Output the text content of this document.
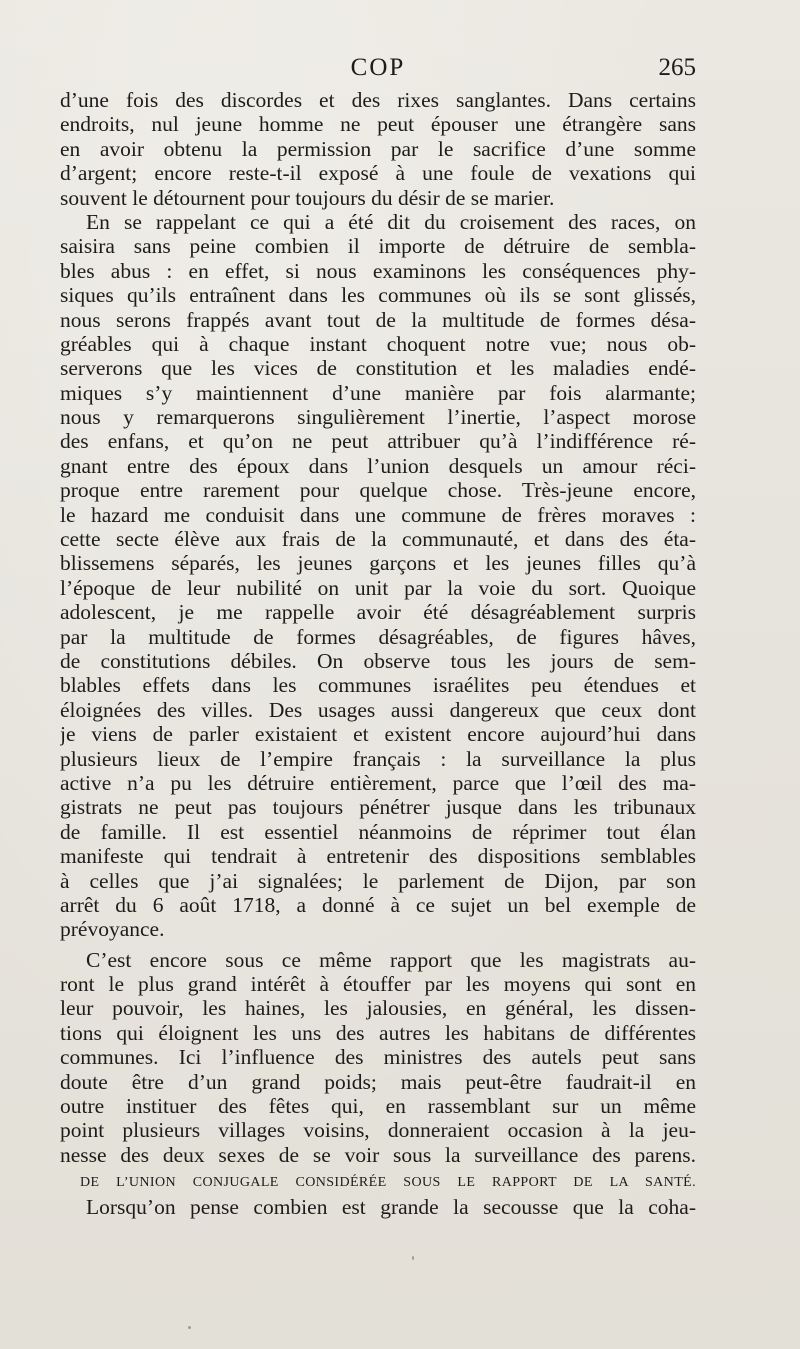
COP	265
d’une fois des discordes et des rixes sanglantes. Dans certains
endroits, nul jeune homme ne peut épouser une étrangère sans
en avoir obtenu la permission par le sacrifice d’une somme
d’argent; encore reste-t-il exposé à une foule de vexations qui
souvent le détournent pour toujours du désir de se marier.
En se rappelant ce qui a été dit du croisement des races, on
saisira sans peine combien il importe de détruire de sembla-
bles abus : en effet, si nous examinons les conséquences phy-
siques qu’ils entraînent dans les communes où ils se sont glissés,
nous serons frappés avant tout de la multitude de formes désa-
gréables qui à chaque instant choquent notre vue; nous ob-
serverons que les vices de constitution et les maladies endé-
miques s’y maintiennent d’une manière par fois alarmante;
nous y remarquerons singulièrement l’inertie, l’aspect morose
des enfans, et qu’on ne peut attribuer qu’à l’indifférence ré-
gnant entre des époux dans l’union desquels un amour réci-
proque entre rarement pour quelque chose. Très-jeune encore,
le hazard me conduisit dans une commune de frères moraves :
cette secte élève aux frais de la communauté, et dans des éta-
blissemens séparés, les jeunes garçons et les jeunes filles qu’à
l’époque de leur nubilité on unit par la voie du sort. Quoique
adolescent, je me rappelle avoir été désagréablement surpris
par la multitude de formes désagréables, de figures hâves,
de constitutions débiles. On observe tous les jours de sem-
blables effets dans les communes israélites peu étendues et
éloignées des villes. Des usages aussi dangereux que ceux dont
je viens de parler existaient et existent encore aujourd’hui dans
plusieurs lieux de l’empire français : la surveillance la plus
active n’a pu les détruire entièrement, parce que l’œil des ma-
gistrats ne peut pas toujours pénétrer jusque dans les tribunaux
de famille. Il est essentiel néanmoins de réprimer tout élan
manifeste qui tendrait à entretenir des dispositions semblables
à celles que j’ai signalées; le parlement de Dijon, par son
arrêt du 6 août 1718, a donné à ce sujet un bel exemple de
prévoyance.
C’est encore sous ce même rapport que les magistrats au-
ront le plus grand intérêt à étouffer par les moyens qui sont en
leur pouvoir, les haines, les jalousies, en général, les dissen-
tions qui éloignent les uns des autres les habitans de différentes
communes. Ici l’influence des ministres des autels peut sans
doute être d’un grand poids; mais peut-être faudrait-il en
outre instituer des fêtes qui, en rassemblant sur un même
point plusieurs villages voisins, donneraient occasion à la jeu-
nesse des deux sexes de se voir sous la surveillance des parens.
DE L’UNION CONJUGALE CONSIDÉRÉE SOUS LE RAPPORT DE LA SANTÉ.
Lorsqu’on pense combien est grande la secousse que la coha-
